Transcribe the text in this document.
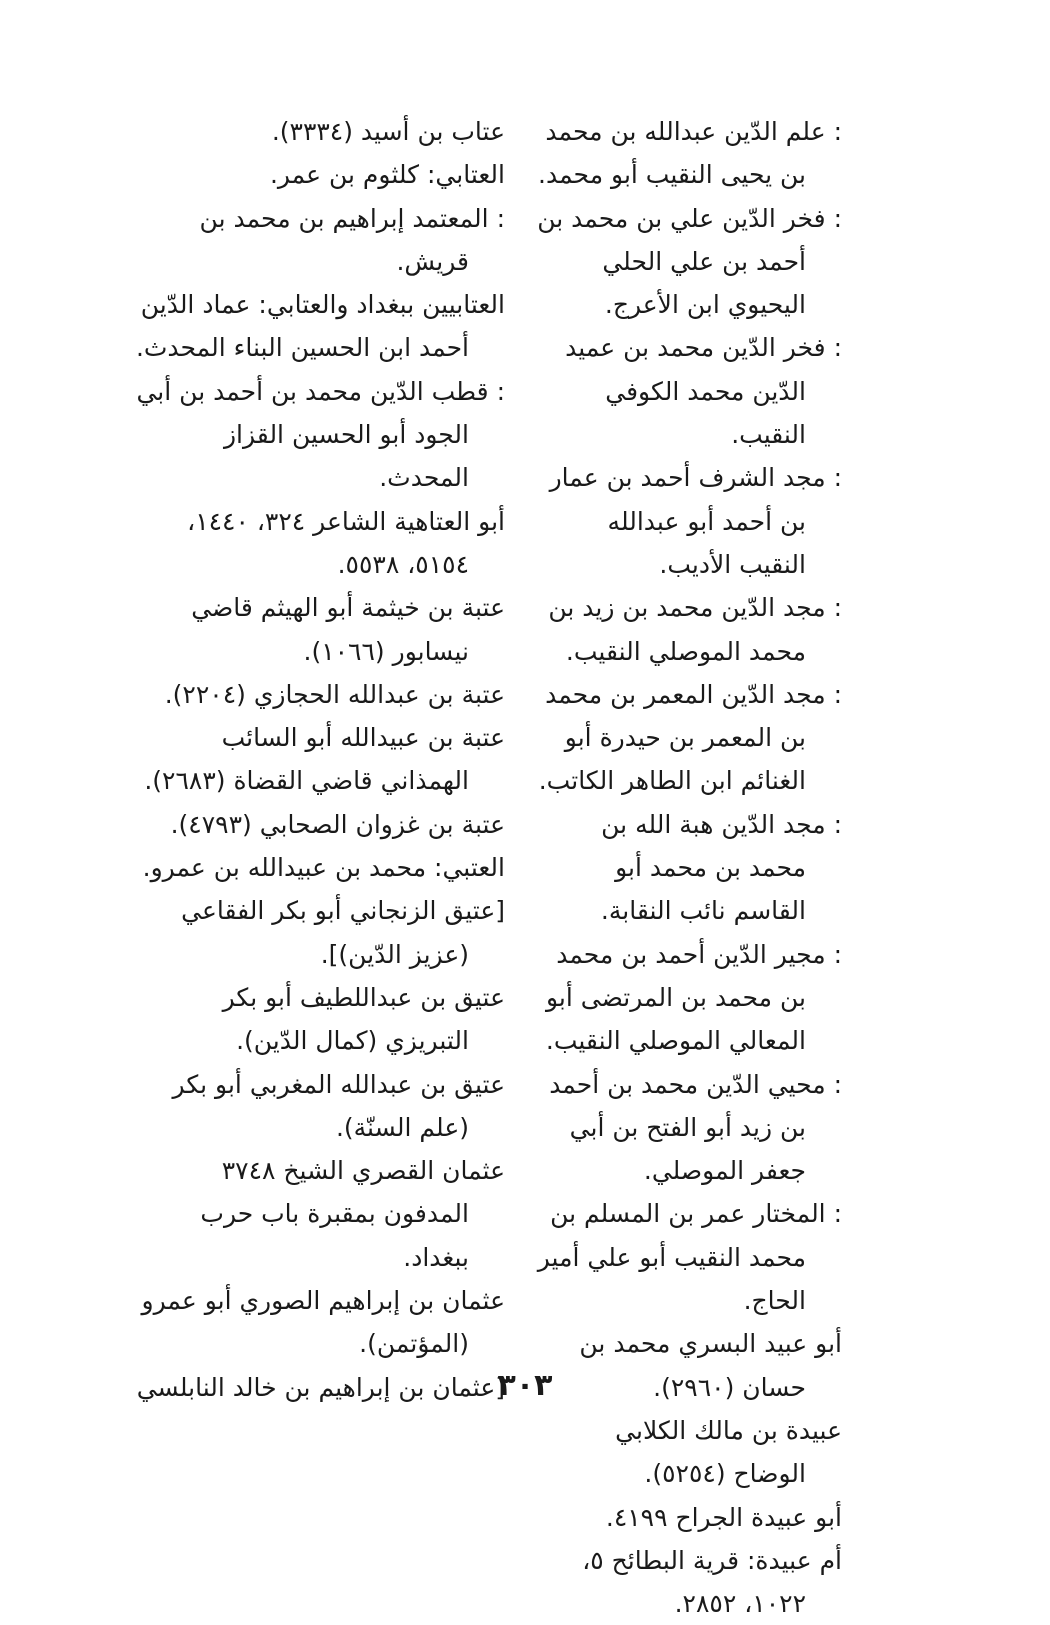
: علم الدّين عبدالله بن محمد بن يحيى النقيب أبو محمد.

: فخر الدّين علي بن محمد بن أحمد بن علي الحلي اليحيوي ابن الأعرج.

: فخر الدّين محمد بن عميد الدّين محمد الكوفي النقيب.

: مجد الشرف أحمد بن عمار بن أحمد أبو عبدالله النقيب الأديب.

: مجد الدّين محمد بن زيد بن محمد الموصلي النقيب.

: مجد الدّين المعمر بن محمد بن المعمر بن حيدرة أبو الغنائم ابن الطاهر الكاتب.

: مجد الدّين هبة الله بن محمد بن محمد أبو القاسم نائب النقابة.

: مجير الدّين أحمد بن محمد بن محمد بن المرتضى أبو المعالي الموصلي النقيب.

: محيي الدّين محمد بن أحمد بن زيد أبو الفتح بن أبي جعفر الموصلي.

: المختار عمر بن المسلم بن محمد النقيب أبو علي أمير الحاج.

أبو عبيد البسري محمد بن حسان (٢٩٦٠).

عبيدة بن مالك الكلابي الوضاح (٥٢٥٤).

أبو عبيدة الجراح ٤١٩٩.

أم عبيدة: قرية البطائح ٥، ١٠٢٢، ٢٨٥٢.

عتاب بن أسيد (٣٣٣٤).

العتابي: كلثوم بن عمر.

: المعتمد إبراهيم بن محمد بن قريش.

العتابيين ببغداد والعتابي: عماد الدّين أحمد ابن الحسين البناء المحدث.

: قطب الدّين محمد بن أحمد بن أبي الجود أبو الحسين القزاز المحدث.

أبو العتاهية الشاعر ٣٢٤، ١٤٤٠، ٥١٥٤، ٥٥٣٨.

عتبة بن خيثمة أبو الهيثم قاضي نيسابور (١٠٦٦).

عتبة بن عبدالله الحجازي (٢٢٠٤).

عتبة بن عبيدالله أبو السائب الهمذاني قاضي القضاة (٢٦٨٣).

عتبة بن غزوان الصحابي (٤٧٩٣).

العتبي: محمد بن عبيدالله بن عمرو.

[عتيق الزنجاني أبو بكر الفقاعي (عزيز الدّين)].

عتيق بن عبداللطيف أبو بكر التبريزي (كمال الدّين).

عتيق بن عبدالله المغربي أبو بكر (علم السنّة).

عثمان القصري الشيخ ٣٧٤٨ المدفون بمقبرة باب حرب ببغداد.

عثمان بن إبراهيم الصوري أبو عمرو (المؤتمن).

[عثمان بن إبراهيم بن خالد النابلسي

٣٠٣
